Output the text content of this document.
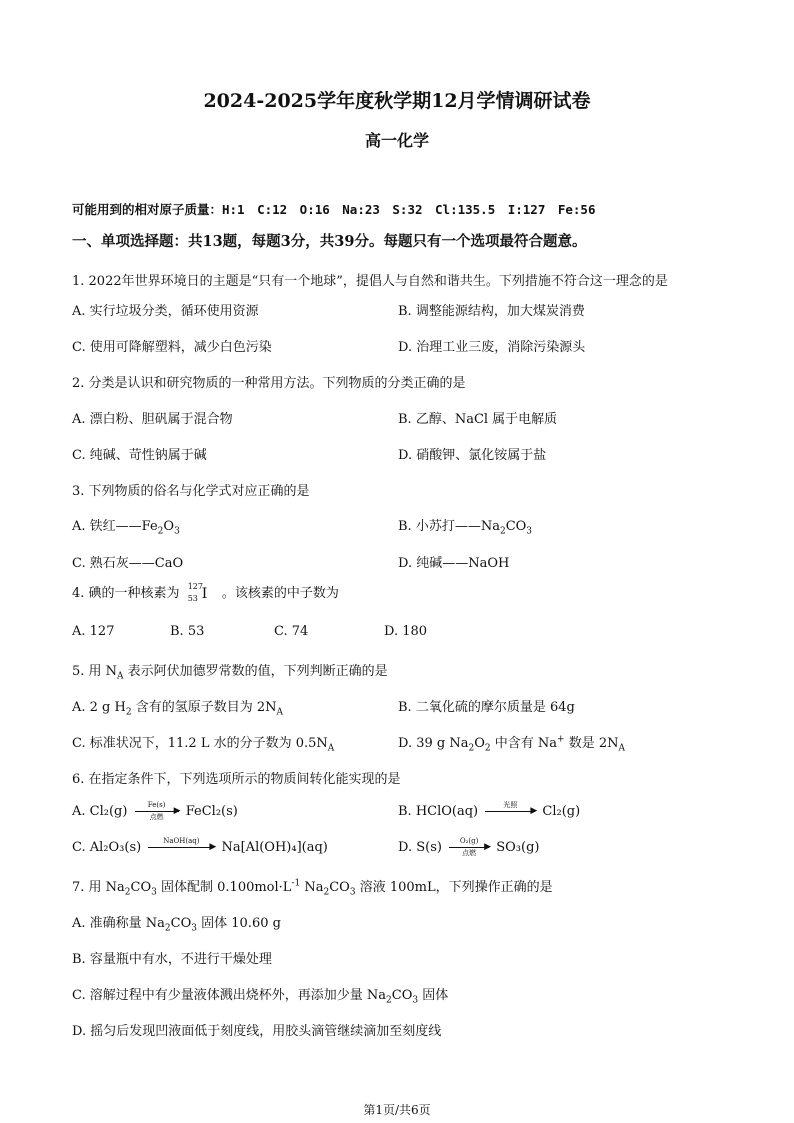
2024-2025学年度秋学期12月学情调研试卷
高一化学
可能用到的相对原子质量：H:1　C:12　O:16　Na:23　S:32　Cl:135.5　I:127　Fe:56
一、单项选择题：共13题，每题3分，共39分。每题只有一个选项最符合题意。
1. 2022年世界环境日的主题是“只有一个地球”，提倡人与自然和谐共生。下列措施不符合这一理念的是
A. 实行垃圾分类，循环使用资源	B. 调整能源结构，加大煤炭消费
C. 使用可降解塑料，减少白色污染	D. 治理工业三废，消除污染源头
2. 分类是认识和研究物质的一种常用方法。下列物质的分类正确的是
A. 漂白粉、胆矾属于混合物	B. 乙醇、NaCl 属于电解质
C. 纯碱、苛性钠属于碱	D. 硝酸钾、氯化铵属于盐
3. 下列物质的俗名与化学式对应正确的是
A. 铁红$——Fe_2O_3$	B. 小苏打$——Na_2CO_3$
C. 熟石灰——CaO	D. 纯碱——NaOH
4. 碘的一种核素为 127
53 I 。该核素的中子数为
A. 127	B. 53	C. 74	D. 180
5. 用 $N_A$ 表示阿伏加德罗常数的值，下列判断正确的是
A. 2 g $H_2$ 含有的氢原子数目为 $2N_A$	B. 二氧化硫的摩尔质量是 64g
C. 标准状况下，11.2 L 水的分子数为 $0.5N_A$	D. 39 g $Na_2O_2$ 中含有 Na+ 数是 $2N_A$
6. 在指定条件下，下列选项所示的物质间转化能实现的是
A. Cl₂(g)	Fe(s)
▶
点燃	FeCl₂(s)	B. HClO(aq)	光照
▶ Cl₂(g)
C. Al₂O₃(s)	NaOH(aq)
▶ Na[Al(OH)₄](aq)	D. S(s)	O₂(g)
▶
点燃	SO₃(g)
7. 用 $Na_2CO_3$ 固体配制 $0.100mol\cdot L^{-1}$ $Na_2CO_3$ 溶液 100mL，下列操作正确的是
A. 准确称量 $Na_2CO_3$ 固体 10.60 g
B. 容量瓶中有水，不进行干燥处理
C. 溶解过程中有少量液体溅出烧杯外，再添加少量 $Na_2CO_3$ 固体
D. 摇匀后发现凹液面低于刻度线，用胶头滴管继续滴加至刻度线
第1页/共6页
